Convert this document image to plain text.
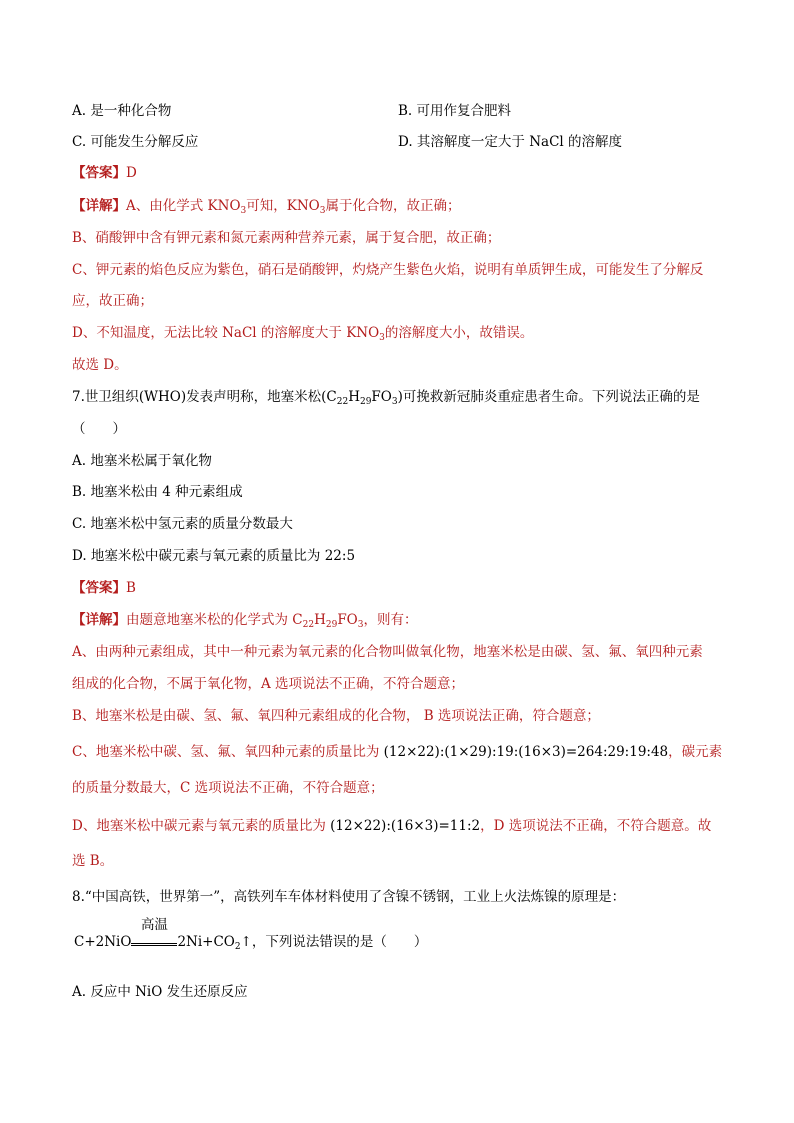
A. 是一种化合物	B. 可用作复合肥料
C. 可能发生分解反应	D. 其溶解度一定大于 NaCl 的溶解度
【答案】D
【详解】A、由化学式 $KNO_3$可知，$KNO_3$属于化合物，故正确；
B、硝酸钾中含有钾元素和氮元素两种营养元素，属于复合肥，故正确；
C、钾元素的焰色反应为紫色，硝石是硝酸钾，灼烧产生紫色火焰，说明有单质钾生成，可能发生了分解反
应，故正确；
D、不知温度，无法比较 NaCl 的溶解度大于 $KNO_3$的溶解度大小，故错误。
故选 D。
7.世卫组织(WHO)发表声明称，地塞米松$(C_{22}H_{29}FO_3)$可挽救新冠肺炎重症患者生命。下列说法正确的是
（　　）
A. 地塞米松属于氧化物
B. 地塞米松由 4 种元素组成
C. 地塞米松中氢元素的质量分数最大
D. 地塞米松中碳元素与氧元素的质量比为 22:5
【答案】B
【详解】由题意地塞米松的化学式为 $C_{22}H_{29}FO_3$，则有：
A、由两种元素组成，其中一种元素为氧元素的化合物叫做氧化物，地塞米松是由碳、氢、氟、氧四种元素
组成的化合物，不属于氧化物，A 选项说法不正确，不符合题意；
B、地塞米松是由碳、氢、氟、氧四种元素组成的化合物， B 选项说法正确，符合题意；
C、地塞米松中碳、氢、氟、氧四种元素的质量比为 (12×22):(1×29):19:(16×3)=264:29:19:48，碳元素
的质量分数最大，C 选项说法不正确，不符合题意；
D、地塞米松中碳元素与氧元素的质量比为 (12×22):(16×3)=11:2，D 选项说法不正确，不符合题意。故
选 B。
8.“中国高铁，世界第一”，高铁列车车体材料使用了含镍不锈钢，工业上火法炼镍的原理是：
C+2NiO
高温
$2Ni+CO_2↑$，下列说法错误的是（　　）
A. 反应中 NiO 发生还原反应
